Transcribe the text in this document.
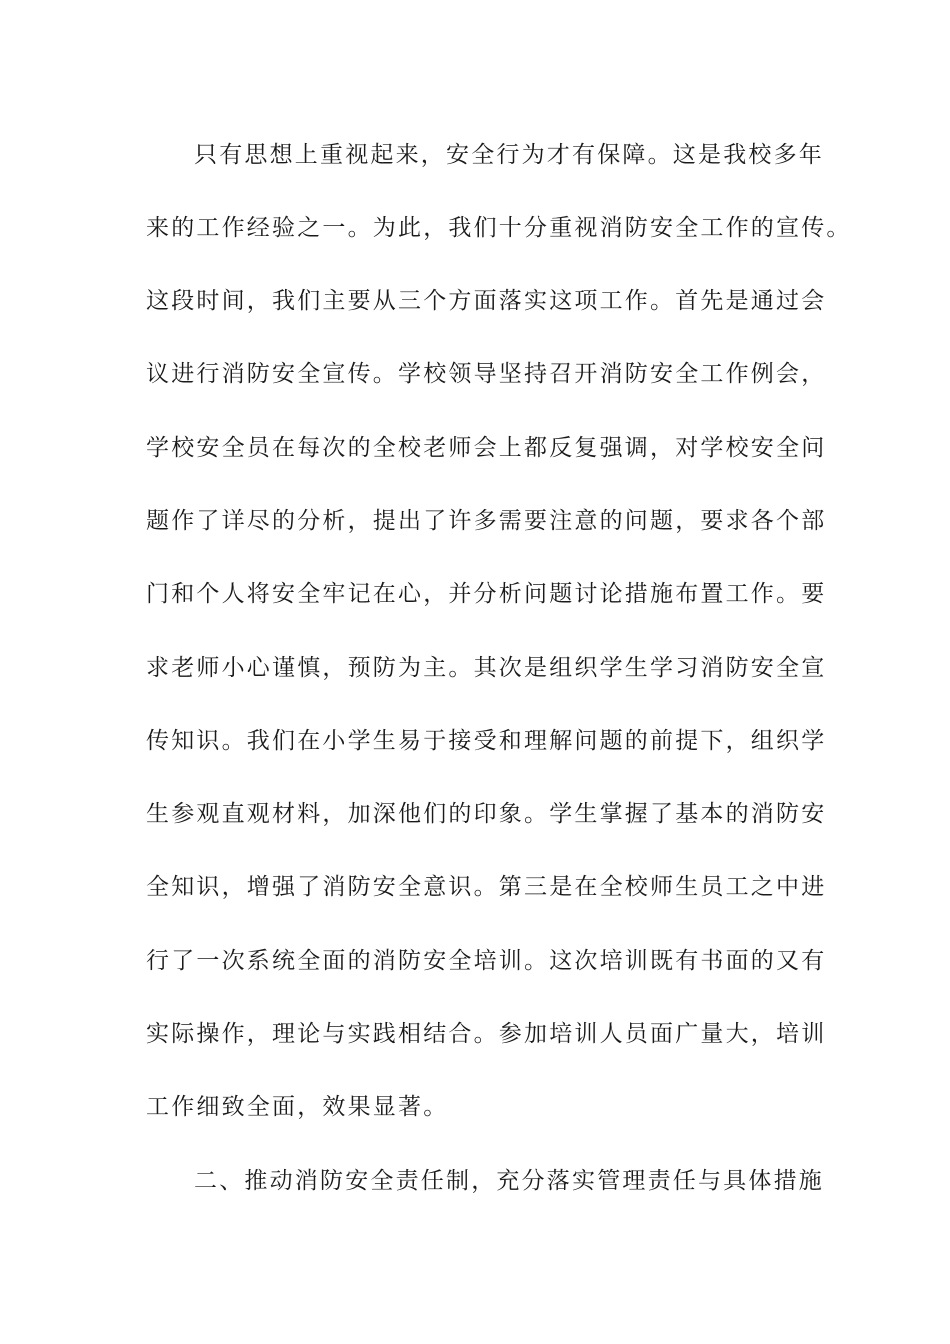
只有思想上重视起来，安全行为才有保障。这是我校多年
来的工作经验之一。为此，我们十分重视消防安全工作的宣传。
这段时间，我们主要从三个方面落实这项工作。首先是通过会
议进行消防安全宣传。学校领导坚持召开消防安全工作例会，
学校安全员在每次的全校老师会上都反复强调，对学校安全问
题作了详尽的分析，提出了许多需要注意的问题，要求各个部
门和个人将安全牢记在心，并分析问题讨论措施布置工作。要
求老师小心谨慎，预防为主。其次是组织学生学习消防安全宣
传知识。我们在小学生易于接受和理解问题的前提下，组织学
生参观直观材料，加深他们的印象。学生掌握了基本的消防安
全知识，增强了消防安全意识。第三是在全校师生员工之中进
行了一次系统全面的消防安全培训。这次培训既有书面的又有
实际操作，理论与实践相结合。参加培训人员面广量大，培训
工作细致全面，效果显著。
二、推动消防安全责任制，充分落实管理责任与具体措施
